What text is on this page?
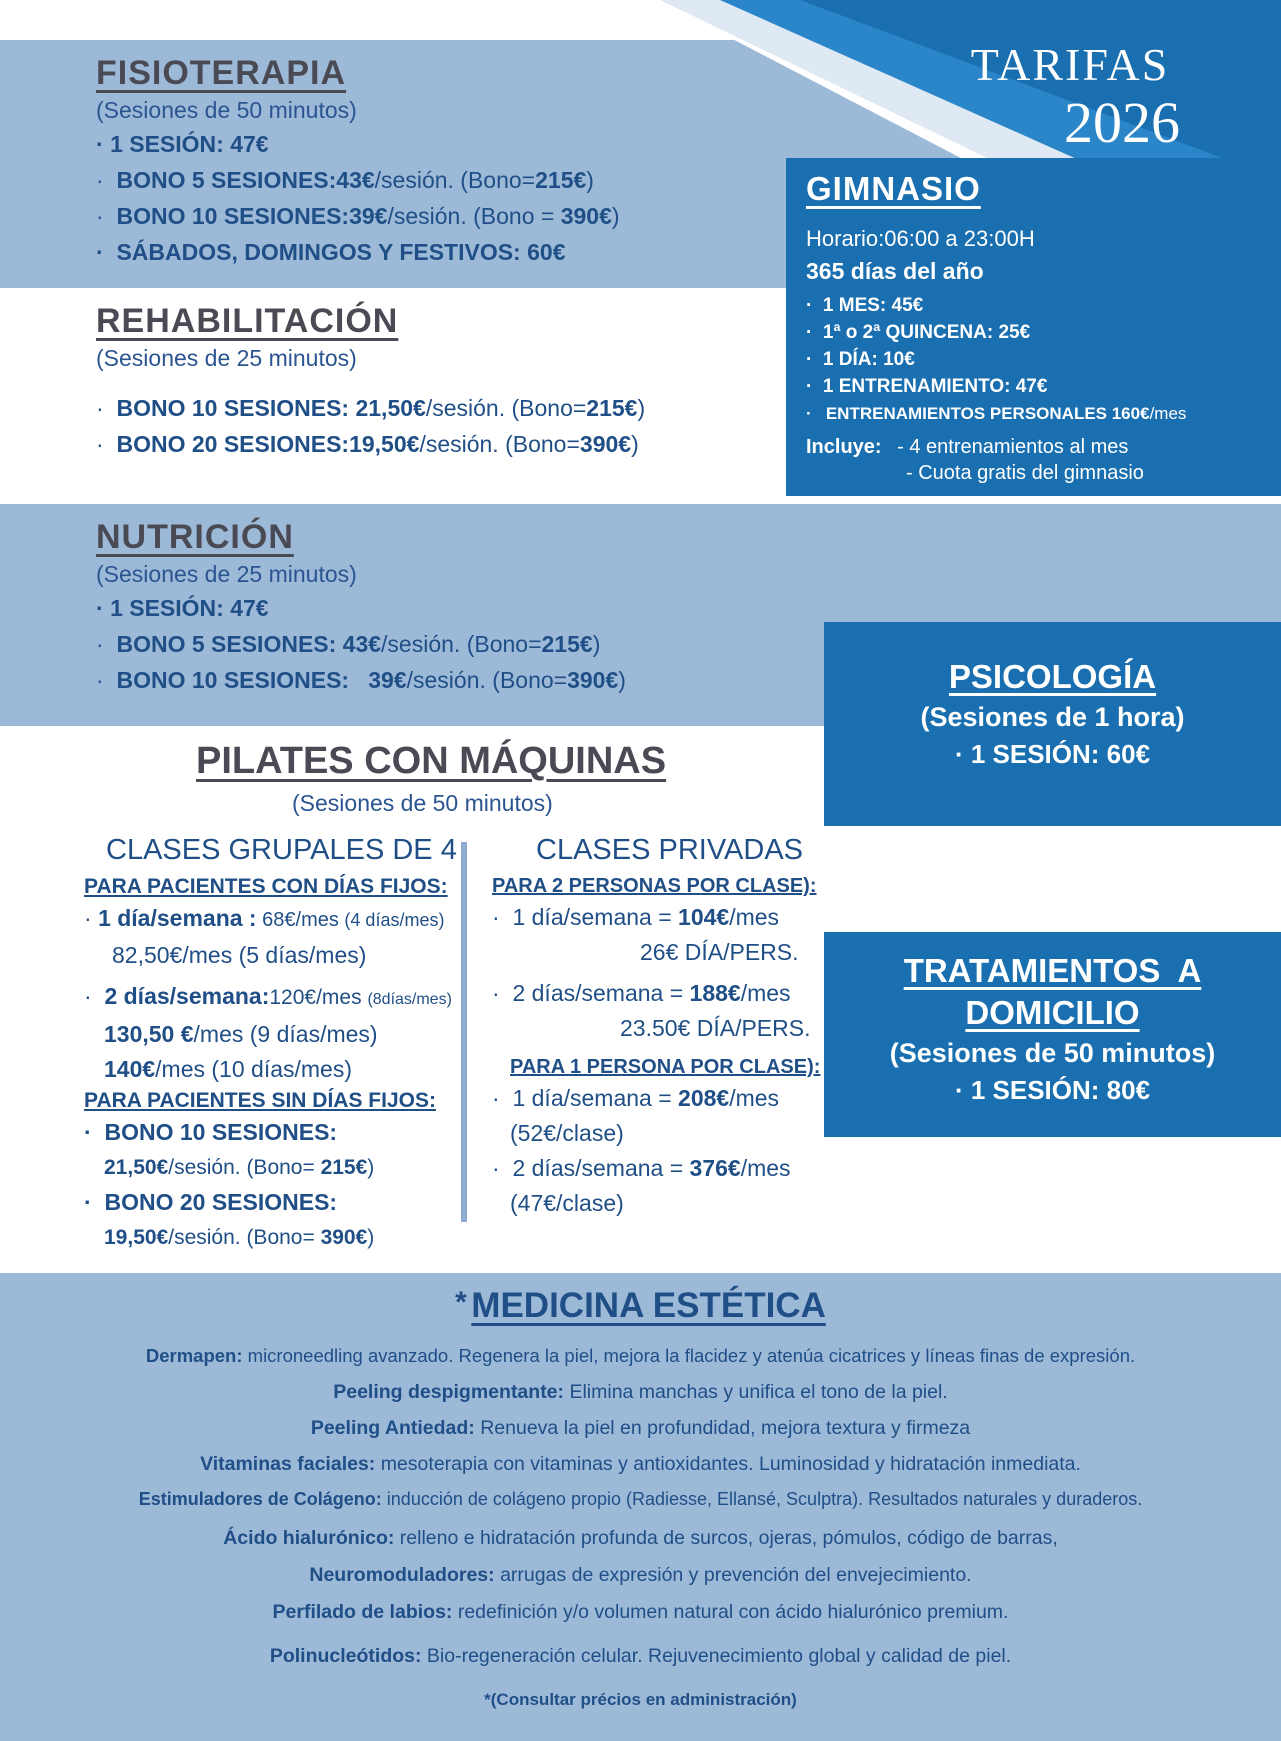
TARIFAS
2026
FISIOTERAPIA
(Sesiones de 50 minutos)
· 1 SESIÓN: 47€
·  BONO 5 SESIONES:43€/sesión. (Bono=215€)
·  BONO 10 SESIONES:39€/sesión. (Bono = 390€)
·  SÁBADOS, DOMINGOS Y FESTIVOS: 60€
REHABILITACIÓN
(Sesiones de 25 minutos)
·  BONO 10 SESIONES: 21,50€/sesión. (Bono=215€)
·  BONO 20 SESIONES:19,50€/sesión. (Bono=390€)
GIMNASIO
Horario:06:00 a 23:00H
365 días del año
·  1 MES: 45€
·  1ª o 2ª QUINCENA: 25€
·  1 DÍA: 10€
·  1 ENTRENAMIENTO: 47€
·   ENTRENAMIENTOS PERSONALES 160€/mes
Incluye: - 4 entrenamientos al mes
- Cuota gratis del gimnasio
NUTRICIÓN
(Sesiones de 25 minutos)
· 1 SESIÓN: 47€
·  BONO 5 SESIONES: 43€/sesión. (Bono=215€)
·  BONO 10 SESIONES: 39€/sesión. (Bono=390€)	PSICOLOGÍA
(Sesiones de 1 hora)
· 1 SESIÓN: 60€
TRATAMIENTOS  A
DOMICILIO
(Sesiones de 50 minutos)
· 1 SESIÓN: 80€
PILATES CON MÁQUINAS
(Sesiones de 50 minutos)
CLASES GRUPALES DE 4
PARA PACIENTES CON DÍAS FIJOS:
· 1 día/semana : 68€/mes (4 días/mes)
82,50€/mes (5 días/mes)
·  2 días/semana:120€/mes (8días/mes)
130,50 €/mes (9 días/mes)
140€/mes (10 días/mes)
PARA PACIENTES SIN DÍAS FIJOS:
·  BONO 10 SESIONES:
21,50€/sesión. (Bono= 215€)
·  BONO 20 SESIONES:
19,50€/sesión. (Bono= 390€)
CLASES PRIVADAS
PARA 2 PERSONAS POR CLASE):
·  1 día/semana = 104€/mes
26€ DÍA/PERS.
·  2 días/semana = 188€/mes
23.50€ DÍA/PERS.
PARA 1 PERSONA POR CLASE):
·  1 día/semana = 208€/mes
(52€/clase)
·  2 días/semana = 376€/mes
(47€/clase)
* MEDICINA ESTÉTICA
Dermapen: microneedling avanzado. Regenera la piel, mejora la flacidez y atenúa cicatrices y líneas finas de expresión.
Peeling despigmentante: Elimina manchas y unifica el tono de la piel.
Peeling Antiedad: Renueva la piel en profundidad, mejora textura y firmeza
Vitaminas faciales: mesoterapia con vitaminas y antioxidantes. Luminosidad y hidratación inmediata.
Estimuladores de Colágeno: inducción de colágeno propio (Radiesse, Ellansé, Sculptra). Resultados naturales y duraderos.
Ácido hialurónico: relleno e hidratación profunda de surcos, ojeras, pómulos, código de barras,
Neuromoduladores: arrugas de expresión y prevención del envejecimiento.
Perfilado de labios: redefinición y/o volumen natural con ácido hialurónico premium.
Polinucleótidos: Bio-regeneración celular. Rejuvenecimiento global y calidad de piel.
*(Consultar précios en administración)
